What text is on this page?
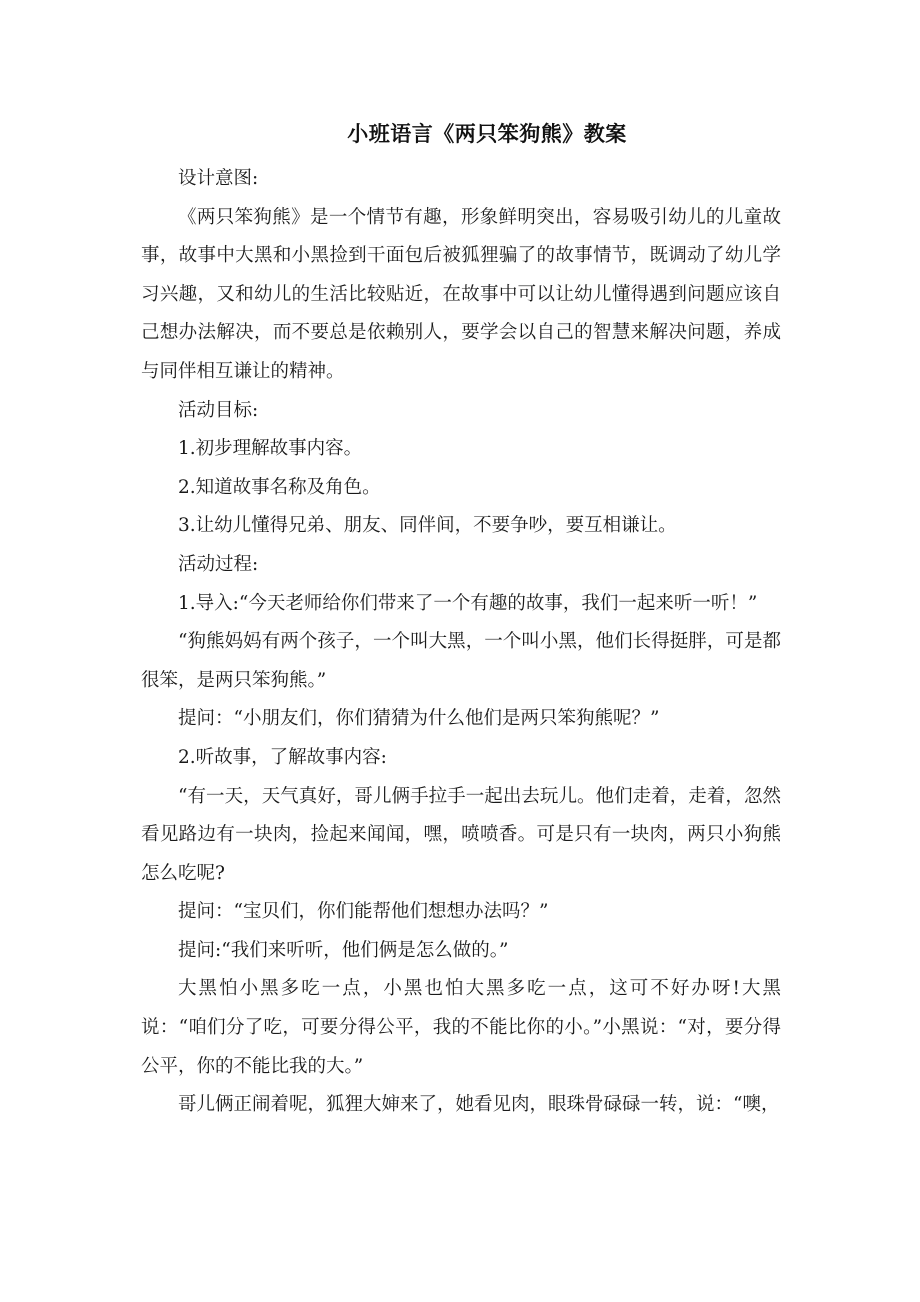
小班语言《两只笨狗熊》教案

设计意图:

《两只笨狗熊》是一个情节有趣，形象鲜明突出，容易吸引幼儿的儿童故事，故事中大黑和小黑捡到干面包后被狐狸骗了的故事情节，既调动了幼儿学习兴趣，又和幼儿的生活比较贴近，在故事中可以让幼儿懂得遇到问题应该自己想办法解决，而不要总是依赖别人，要学会以自己的智慧来解决问题，养成与同伴相互谦让的精神。

活动目标:

1.初步理解故事内容。

2.知道故事名称及角色。

3.让幼儿懂得兄弟、朋友、同伴间，不要争吵，要互相谦让。

活动过程:

1.导入:“今天老师给你们带来了一个有趣的故事，我们一起来听一听！”

“狗熊妈妈有两个孩子，一个叫大黑，一个叫小黑，他们长得挺胖，可是都很笨，是两只笨狗熊。”

提问：“小朋友们，你们猜猜为什么他们是两只笨狗熊呢？”

2.听故事，了解故事内容:

“有一天，天气真好，哥儿俩手拉手一起出去玩儿。他们走着，走着，忽然看见路边有一块肉，捡起来闻闻，嘿，喷喷香。可是只有一块肉，两只小狗熊怎么吃呢?

提问：“宝贝们，你们能帮他们想想办法吗？”

提问:“我们来听听，他们俩是怎么做的。”

大黑怕小黑多吃一点，小黑也怕大黑多吃一点，这可不好办呀!大黑说：“咱们分了吃，可要分得公平，我的不能比你的小。”小黑说：“对，要分得公平，你的不能比我的大。”

哥儿俩正闹着呢，狐狸大婶来了，她看见肉，眼珠骨碌碌一转，说：“噢，
